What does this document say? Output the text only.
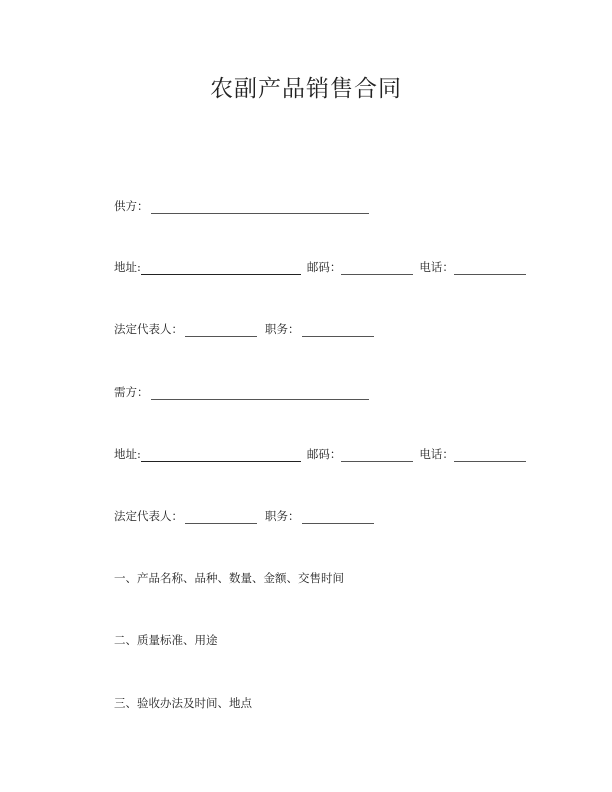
农副产品销售合同
供方：
地址:	邮码：	电话：
法定代表人：	职务：
需方：
地址:	邮码：	电话：
法定代表人：	职务：
一、产品名称、品种、数量、金额、交售时间
二、质量标准、用途
三、验收办法及时间、地点
